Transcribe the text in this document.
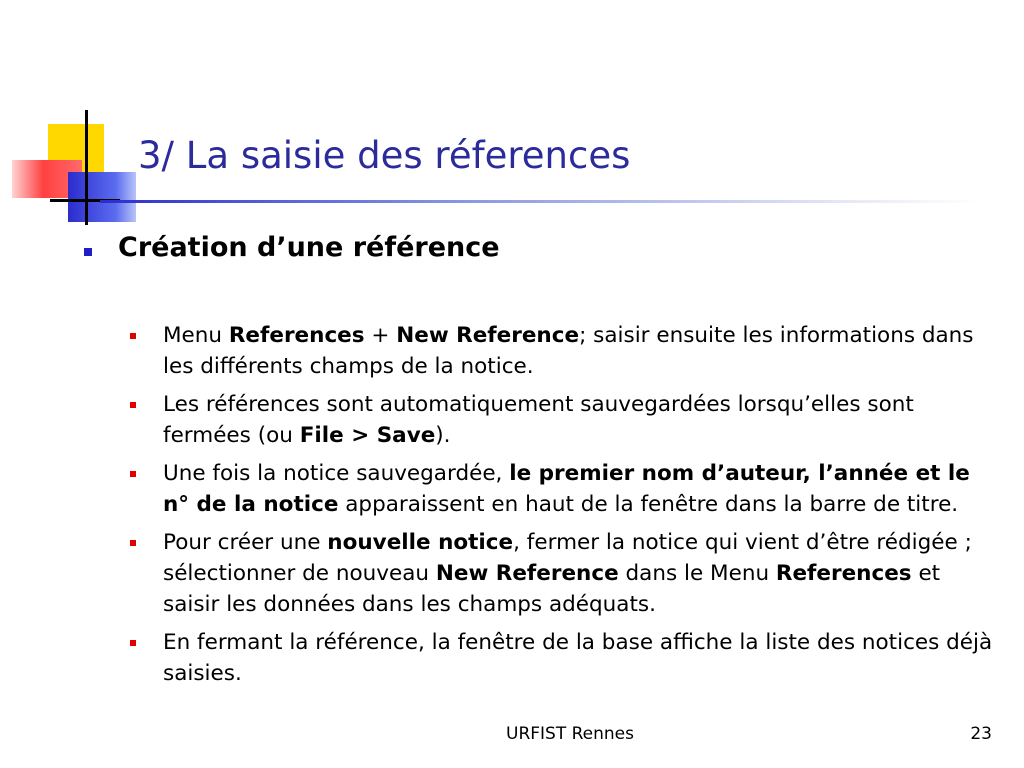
3/ La saisie des réferences
Création d’une référence
Menu References + New Reference; saisir ensuite les informations dans les différents champs de la notice.
Les références sont automatiquement sauvegardées lorsqu’elles sont fermées (ou File > Save).
Une fois la notice sauvegardée, le premier nom d’auteur, l’année et le n° de la notice apparaissent en haut de la fenêtre dans la barre de titre.
Pour créer une nouvelle notice, fermer la notice qui vient d’être rédigée ; sélectionner de nouveau New Reference dans le Menu References et saisir les données dans les champs adéquats.
En fermant la référence, la fenêtre de la base affiche la liste des notices déjà saisies.
URFIST Rennes	23
